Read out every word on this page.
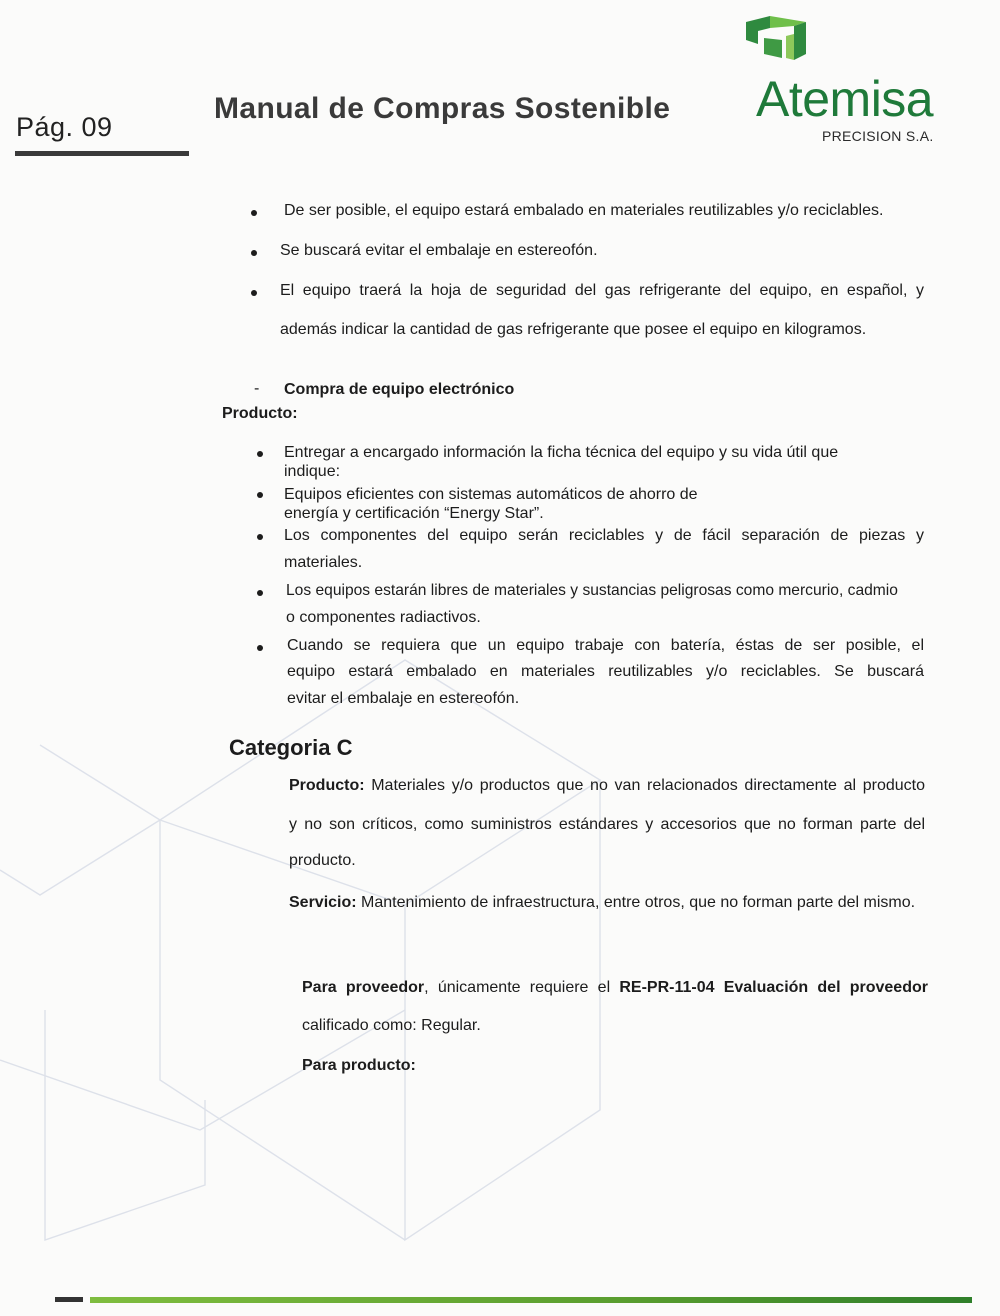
Pág. 09
Manual de Compras Sostenible Atemisa
PRECISION S.A.
De ser posible, el equipo estará embalado en materiales reutilizables y/o reciclables.
Se buscará evitar el embalaje en estereofón.
El equipo traerá la hoja de seguridad del gas refrigerante del equipo, en español, y
además indicar la cantidad de gas refrigerante que posee el equipo en kilogramos.
- Compra de equipo electrónico
Producto:
Entregar a encargado información la ficha técnica del equipo y su vida útil que
indique:
Equipos eficientes con sistemas automáticos de ahorro de
energía y certificación “Energy Star”.
Los componentes del equipo serán reciclables y de fácil separación de piezas y
materiales.
Los equipos estarán libres de materiales y sustancias peligrosas como mercurio, cadmio
o componentes radiactivos.
Cuando se requiera que un equipo trabaje con batería, éstas de ser posible, el
equipo estará embalado en materiales reutilizables y/o reciclables. Se buscará
evitar el embalaje en estereofón.
Categoria C
Producto: Materiales y/o productos que no van relacionados directamente al producto
y no son críticos, como suministros estándares y accesorios que no forman parte del
producto.
Servicio: Mantenimiento de infraestructura, entre otros, que no forman parte del mismo.
Para proveedor, únicamente requiere el RE-PR-11-04 Evaluación del proveedor
calificado como: Regular.
Para producto:
